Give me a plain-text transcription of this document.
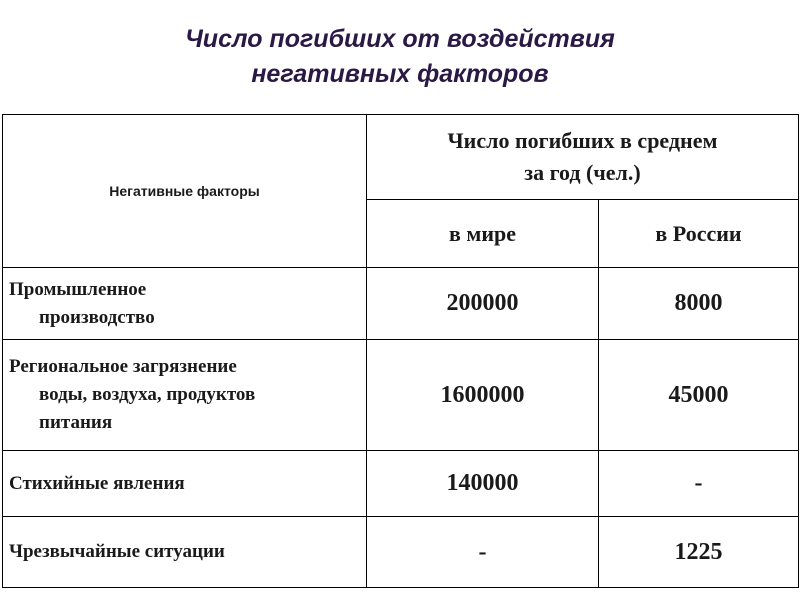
Число погибших от воздействия
негативных факторов
Негативные факторы	Число погибших в среднем
за год (чел.)	

	в мире	в России

Промышленное
производство	200000	8000

Региональное загрязнение
воды, воздуха, продуктов
питания	1600000	45000

Стихийные явления	140000	-

Чрезвычайные ситуации	-	1225
